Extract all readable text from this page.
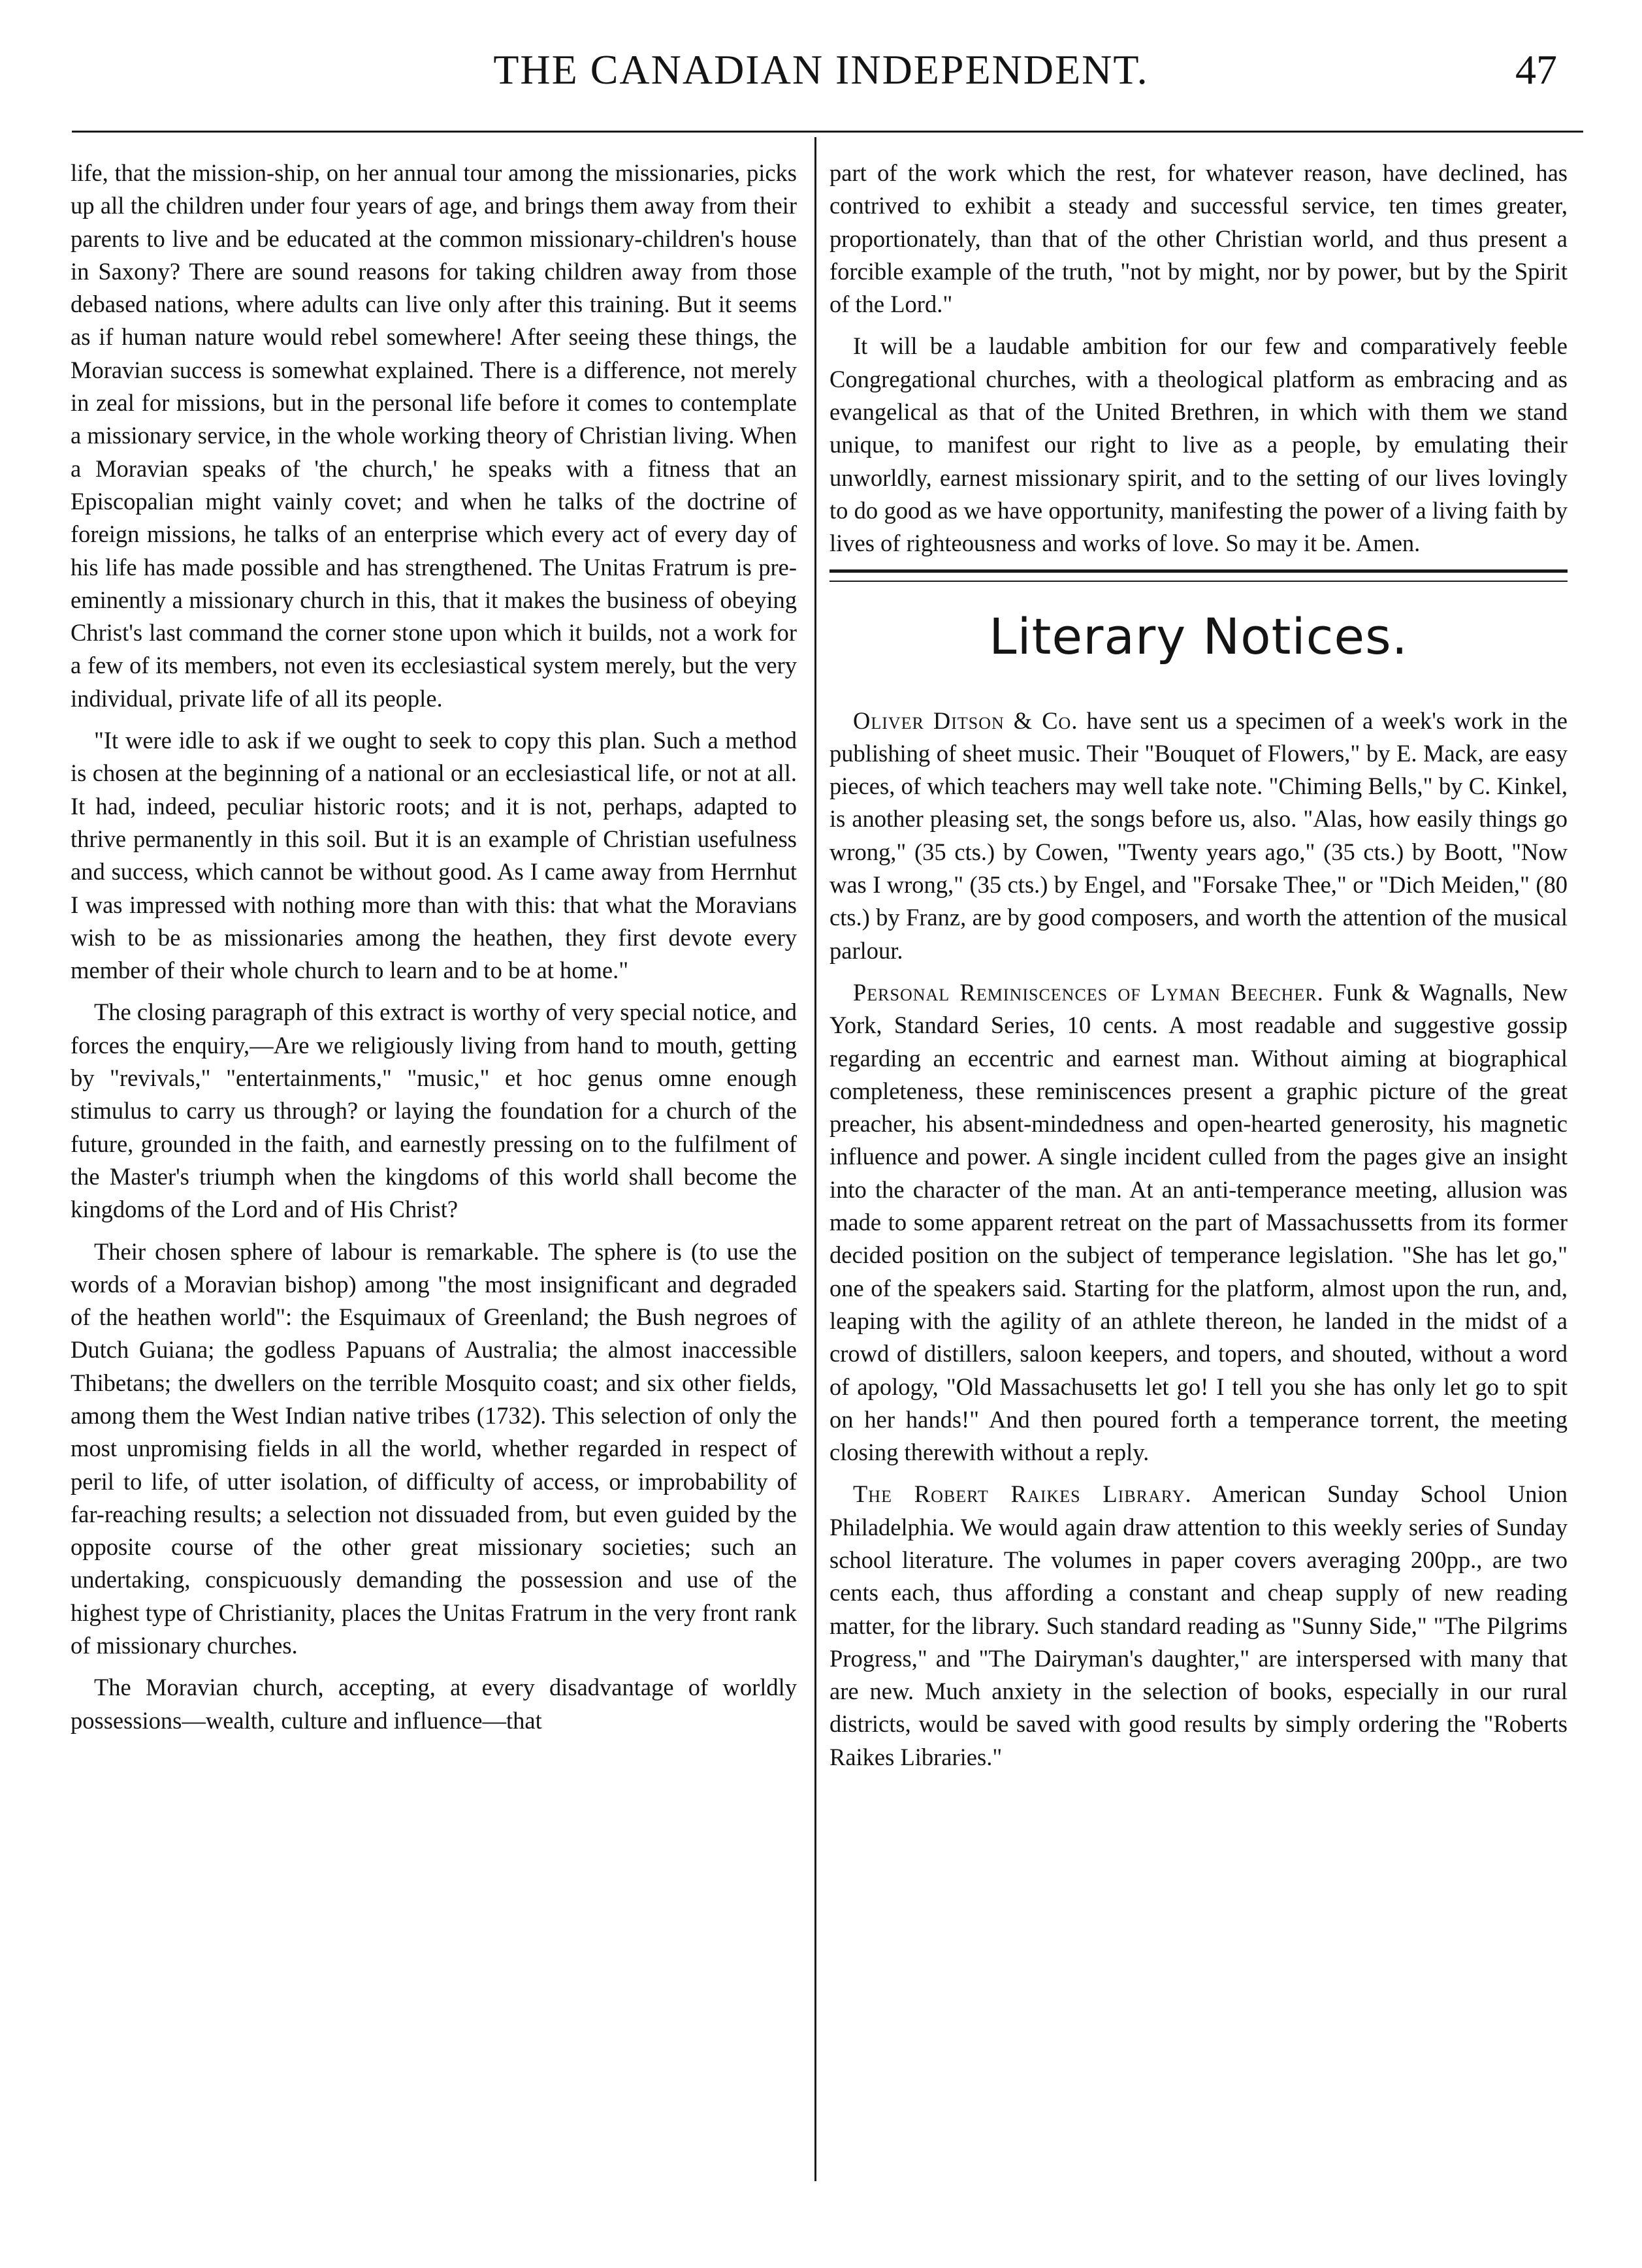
THE CANADIAN INDEPENDENT.	47

life, that the mission-ship, on her annual tour among the missionaries, picks up all the children under four years of age, and brings them away from their parents to live and be educated at the common missionary-children's house in Saxony? There are sound reasons for taking children away from those debased nations, where adults can live only after this training. But it seems as if human nature would rebel somewhere! After seeing these things, the Moravian success is somewhat explained. There is a difference, not merely in zeal for missions, but in the personal life before it comes to contemplate a missionary service, in the whole working theory of Christian living. When a Moravian speaks of 'the church,' he speaks with a fitness that an Episcopalian might vainly covet; and when he talks of the doctrine of foreign missions, he talks of an enterprise which every act of every day of his life has made possible and has strengthened. The Unitas Fratrum is pre-eminently a missionary church in this, that it makes the business of obeying Christ's last command the corner stone upon which it builds, not a work for a few of its members, not even its ecclesiastical system merely, but the very individual, private life of all its people.

"It were idle to ask if we ought to seek to copy this plan. Such a method is chosen at the beginning of a national or an ecclesiastical life, or not at all. It had, indeed, peculiar historic roots; and it is not, perhaps, adapted to thrive permanently in this soil. But it is an example of Christian usefulness and success, which cannot be without good. As I came away from Herrnhut I was impressed with nothing more than with this: that what the Moravians wish to be as missionaries among the heathen, they first devote every member of their whole church to learn and to be at home."

The closing paragraph of this extract is worthy of very special notice, and forces the enquiry,—Are we religiously living from hand to mouth, getting by "revivals," "entertainments," "music," et hoc genus omne enough stimulus to carry us through? or laying the foundation for a church of the future, grounded in the faith, and earnestly pressing on to the fulfilment of the Master's triumph when the kingdoms of this world shall become the kingdoms of the Lord and of His Christ?

Their chosen sphere of labour is remarkable. The sphere is (to use the words of a Moravian bishop) among "the most insignificant and degraded of the heathen world": the Esquimaux of Greenland; the Bush negroes of Dutch Guiana; the godless Papuans of Australia; the almost inaccessible Thibetans; the dwellers on the terrible Mosquito coast; and six other fields, among them the West Indian native tribes (1732). This selection of only the most unpromising fields in all the world, whether regarded in respect of peril to life, of utter isolation, of difficulty of access, or improbability of far-reaching results; a selection not dissuaded from, but even guided by the opposite course of the other great missionary societies; such an undertaking, conspicuously demanding the possession and use of the highest type of Christianity, places the Unitas Fratrum in the very front rank of missionary churches.

The Moravian church, accepting, at every disadvantage of worldly possessions—wealth, culture and influence—that

part of the work which the rest, for whatever reason, have declined, has contrived to exhibit a steady and successful service, ten times greater, proportionately, than that of the other Christian world, and thus present a forcible example of the truth, "not by might, nor by power, but by the Spirit of the Lord."

It will be a laudable ambition for our few and comparatively feeble Congregational churches, with a theological platform as embracing and as evangelical as that of the United Brethren, in which with them we stand unique, to manifest our right to live as a people, by emulating their unworldly, earnest missionary spirit, and to the setting of our lives lovingly to do good as we have opportunity, manifesting the power of a living faith by lives of righteousness and works of love. So may it be. Amen.

Literary Notices.

Oliver Ditson & Co. have sent us a specimen of a week's work in the publishing of sheet music. Their "Bouquet of Flowers," by E. Mack, are easy pieces, of which teachers may well take note. "Chiming Bells," by C. Kinkel, is another pleasing set, the songs before us, also. "Alas, how easily things go wrong," (35 cts.) by Cowen, "Twenty years ago," (35 cts.) by Boott, "Now was I wrong," (35 cts.) by Engel, and "Forsake Thee," or "Dich Meiden," (80 cts.) by Franz, are by good composers, and worth the attention of the musical parlour.

Personal Reminiscences of Lyman Beecher. Funk & Wagnalls, New York, Standard Series, 10 cents. A most readable and suggestive gossip regarding an eccentric and earnest man. Without aiming at biographical completeness, these reminiscences present a graphic picture of the great preacher, his absent-mindedness and open-hearted generosity, his magnetic influence and power. A single incident culled from the pages give an insight into the character of the man. At an anti-temperance meeting, allusion was made to some apparent retreat on the part of Massachussetts from its former decided position on the subject of temperance legislation. "She has let go," one of the speakers said. Starting for the platform, almost upon the run, and, leaping with the agility of an athlete thereon, he landed in the midst of a crowd of distillers, saloon keepers, and topers, and shouted, without a word of apology, "Old Massachusetts let go! I tell you she has only let go to spit on her hands!" And then poured forth a temperance torrent, the meeting closing therewith without a reply.

The Robert Raikes Library. American Sunday School Union Philadelphia. We would again draw attention to this weekly series of Sunday school literature. The volumes in paper covers averaging 200pp., are two cents each, thus affording a constant and cheap supply of new reading matter, for the library. Such standard reading as "Sunny Side," "The Pilgrims Progress," and "The Dairyman's daughter," are interspersed with many that are new. Much anxiety in the selection of books, especially in our rural districts, would be saved with good results by simply ordering the "Roberts Raikes Libraries."
